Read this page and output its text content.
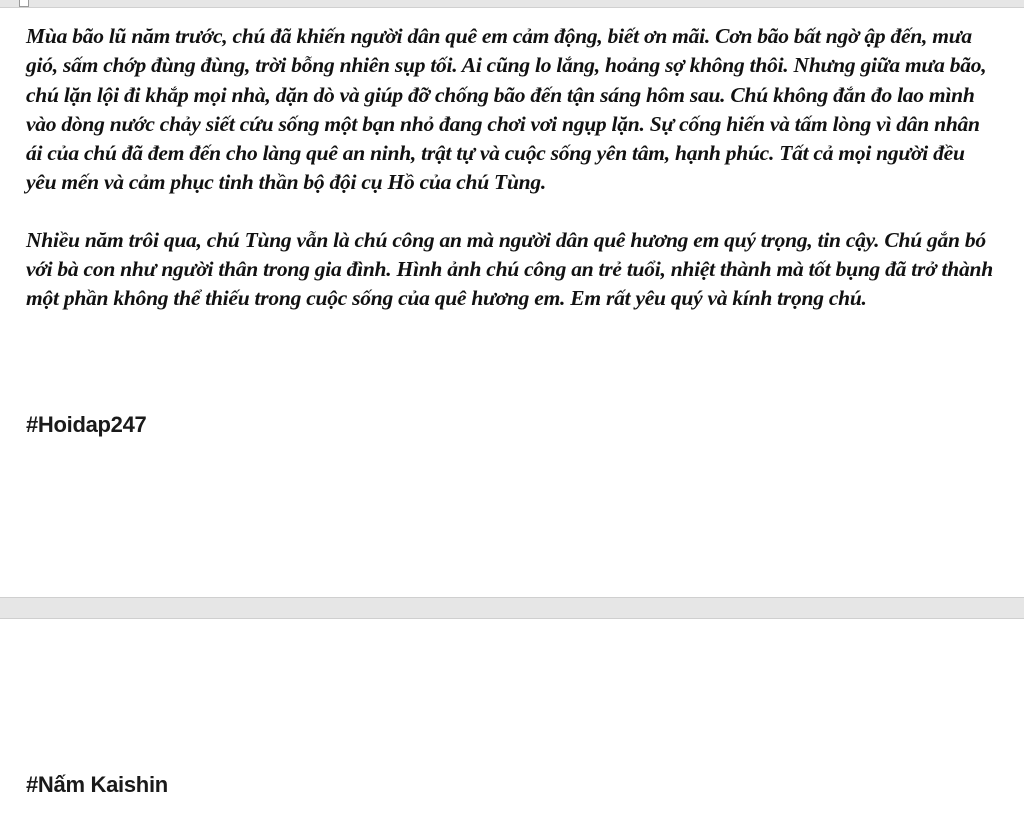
Mùa bão lũ năm trước, chú đã khiến người dân quê em cảm động, biết ơn mãi. Cơn bão bất ngờ ập đến, mưa gió, sấm chớp đùng đùng, trời bỗng nhiên sụp tối. Ai cũng lo lắng, hoảng sợ không thôi. Nhưng giữa mưa bão, chú lặn lội đi khắp mọi nhà, dặn dò và giúp đỡ chống bão đến tận sáng hôm sau. Chú không đắn đo lao mình vào dòng nước chảy siết cứu sống một bạn nhỏ đang chơi vơi ngụp lặn. Sự cống hiến và tấm lòng vì dân nhân ái của chú đã đem đến cho làng quê an ninh, trật tự và cuộc sống yên tâm, hạnh phúc. Tất cả mọi người đều yêu mến và cảm phục tinh thần bộ đội cụ Hồ của chú Tùng.

Nhiều năm trôi qua, chú Tùng vẫn là chú công an mà người dân quê hương em quý trọng, tin cậy. Chú gắn bó với bà con như người thân trong gia đình. Hình ảnh chú công an trẻ tuổi, nhiệt thành mà tốt bụng đã trở thành một phần không thể thiếu trong cuộc sống của quê hương em. Em rất yêu quý và kính trọng chú.

#Hoidap247
#Nấm Kaishin
